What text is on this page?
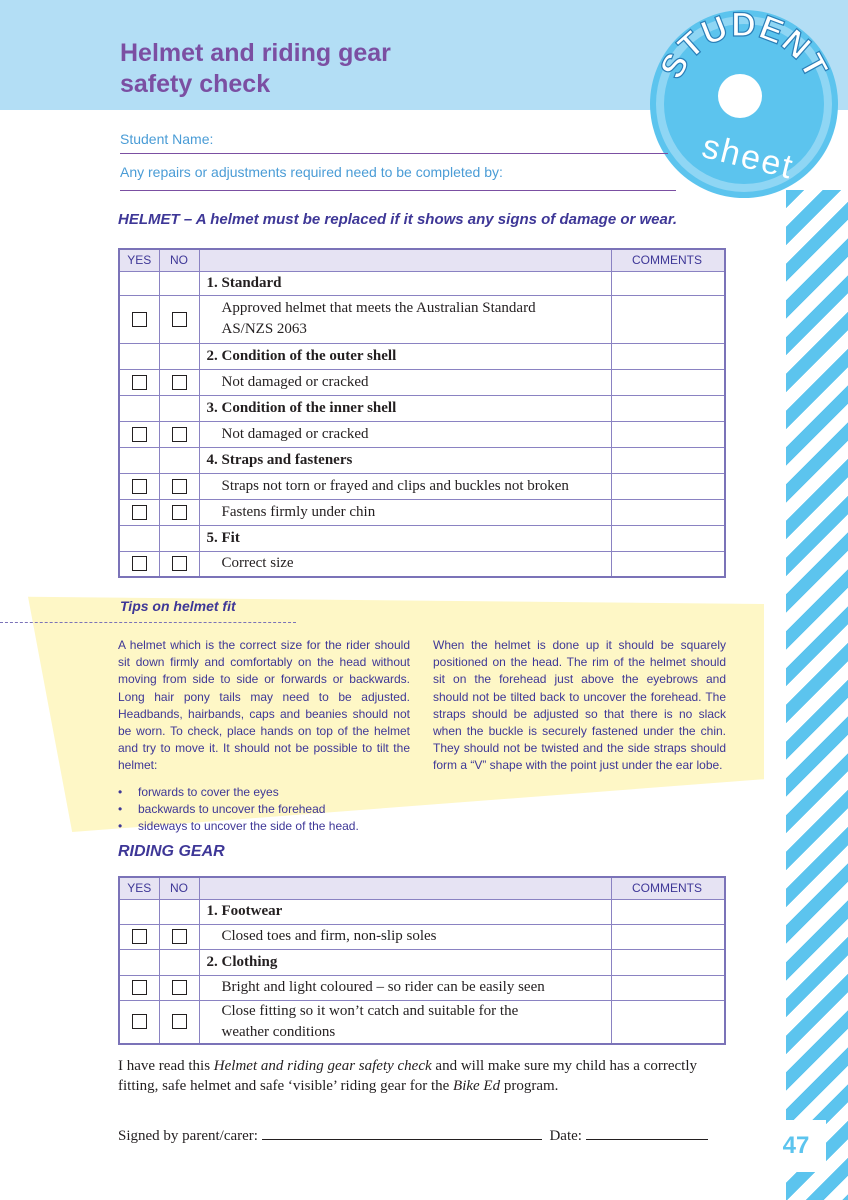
Helmet and riding gear
safety check	STUDENT
sheet
Student Name:
Any repairs or adjustments required need to be completed by:
HELMET – A helmet must be replaced if it shows any signs of damage or wear.
YES	NO		COMMENTS
		1. Standard	
		Approved helmet that meets the Australian Standard
AS/NZS 2063	
		2. Condition of the outer shell	
		Not damaged or cracked	
		3. Condition of the inner shell	
		Not damaged or cracked	
		4. Straps and fasteners	
		Straps not torn or frayed and clips and buckles not broken	
		Fastens firmly under chin	
		5. Fit	
		Correct size	
Tips on helmet fit

A helmet which is the correct size for the rider should sit down firmly and comfortably on the head without moving from side to side or forwards or backwards. Long hair pony tails may need to be adjusted. Headbands, hairbands, caps and beanies should not be worn. To check, place hands on top of the helmet and try to move it. It should not be possible to tilt the helmet:

• forwards to cover the eyes
• backwards to uncover the forehead
• sideways to uncover the side of the head.

When the helmet is done up it should be squarely positioned on the head. The rim of the helmet should sit on the forehead just above the eyebrows and should not be tilted back to uncover the forehead. The straps should be adjusted so that there is no slack when the buckle is securely fastened under the chin. They should not be twisted and the side straps should form a “V” shape with the point just under the ear lobe.

RIDING GEAR
YES	NO		COMMENTS
		1. Footwear	
		Closed toes and firm, non-slip soles	
		2. Clothing	
		Bright and light coloured – so rider can be easily seen	
		Close fitting so it won’t catch and suitable for the
weather conditions	

I have read this Helmet and riding gear safety check and will make sure my child has a correctly fitting, safe helmet and safe ‘visible’ riding gear for the Bike Ed program.

Signed by parent/carer:	Date:	47
